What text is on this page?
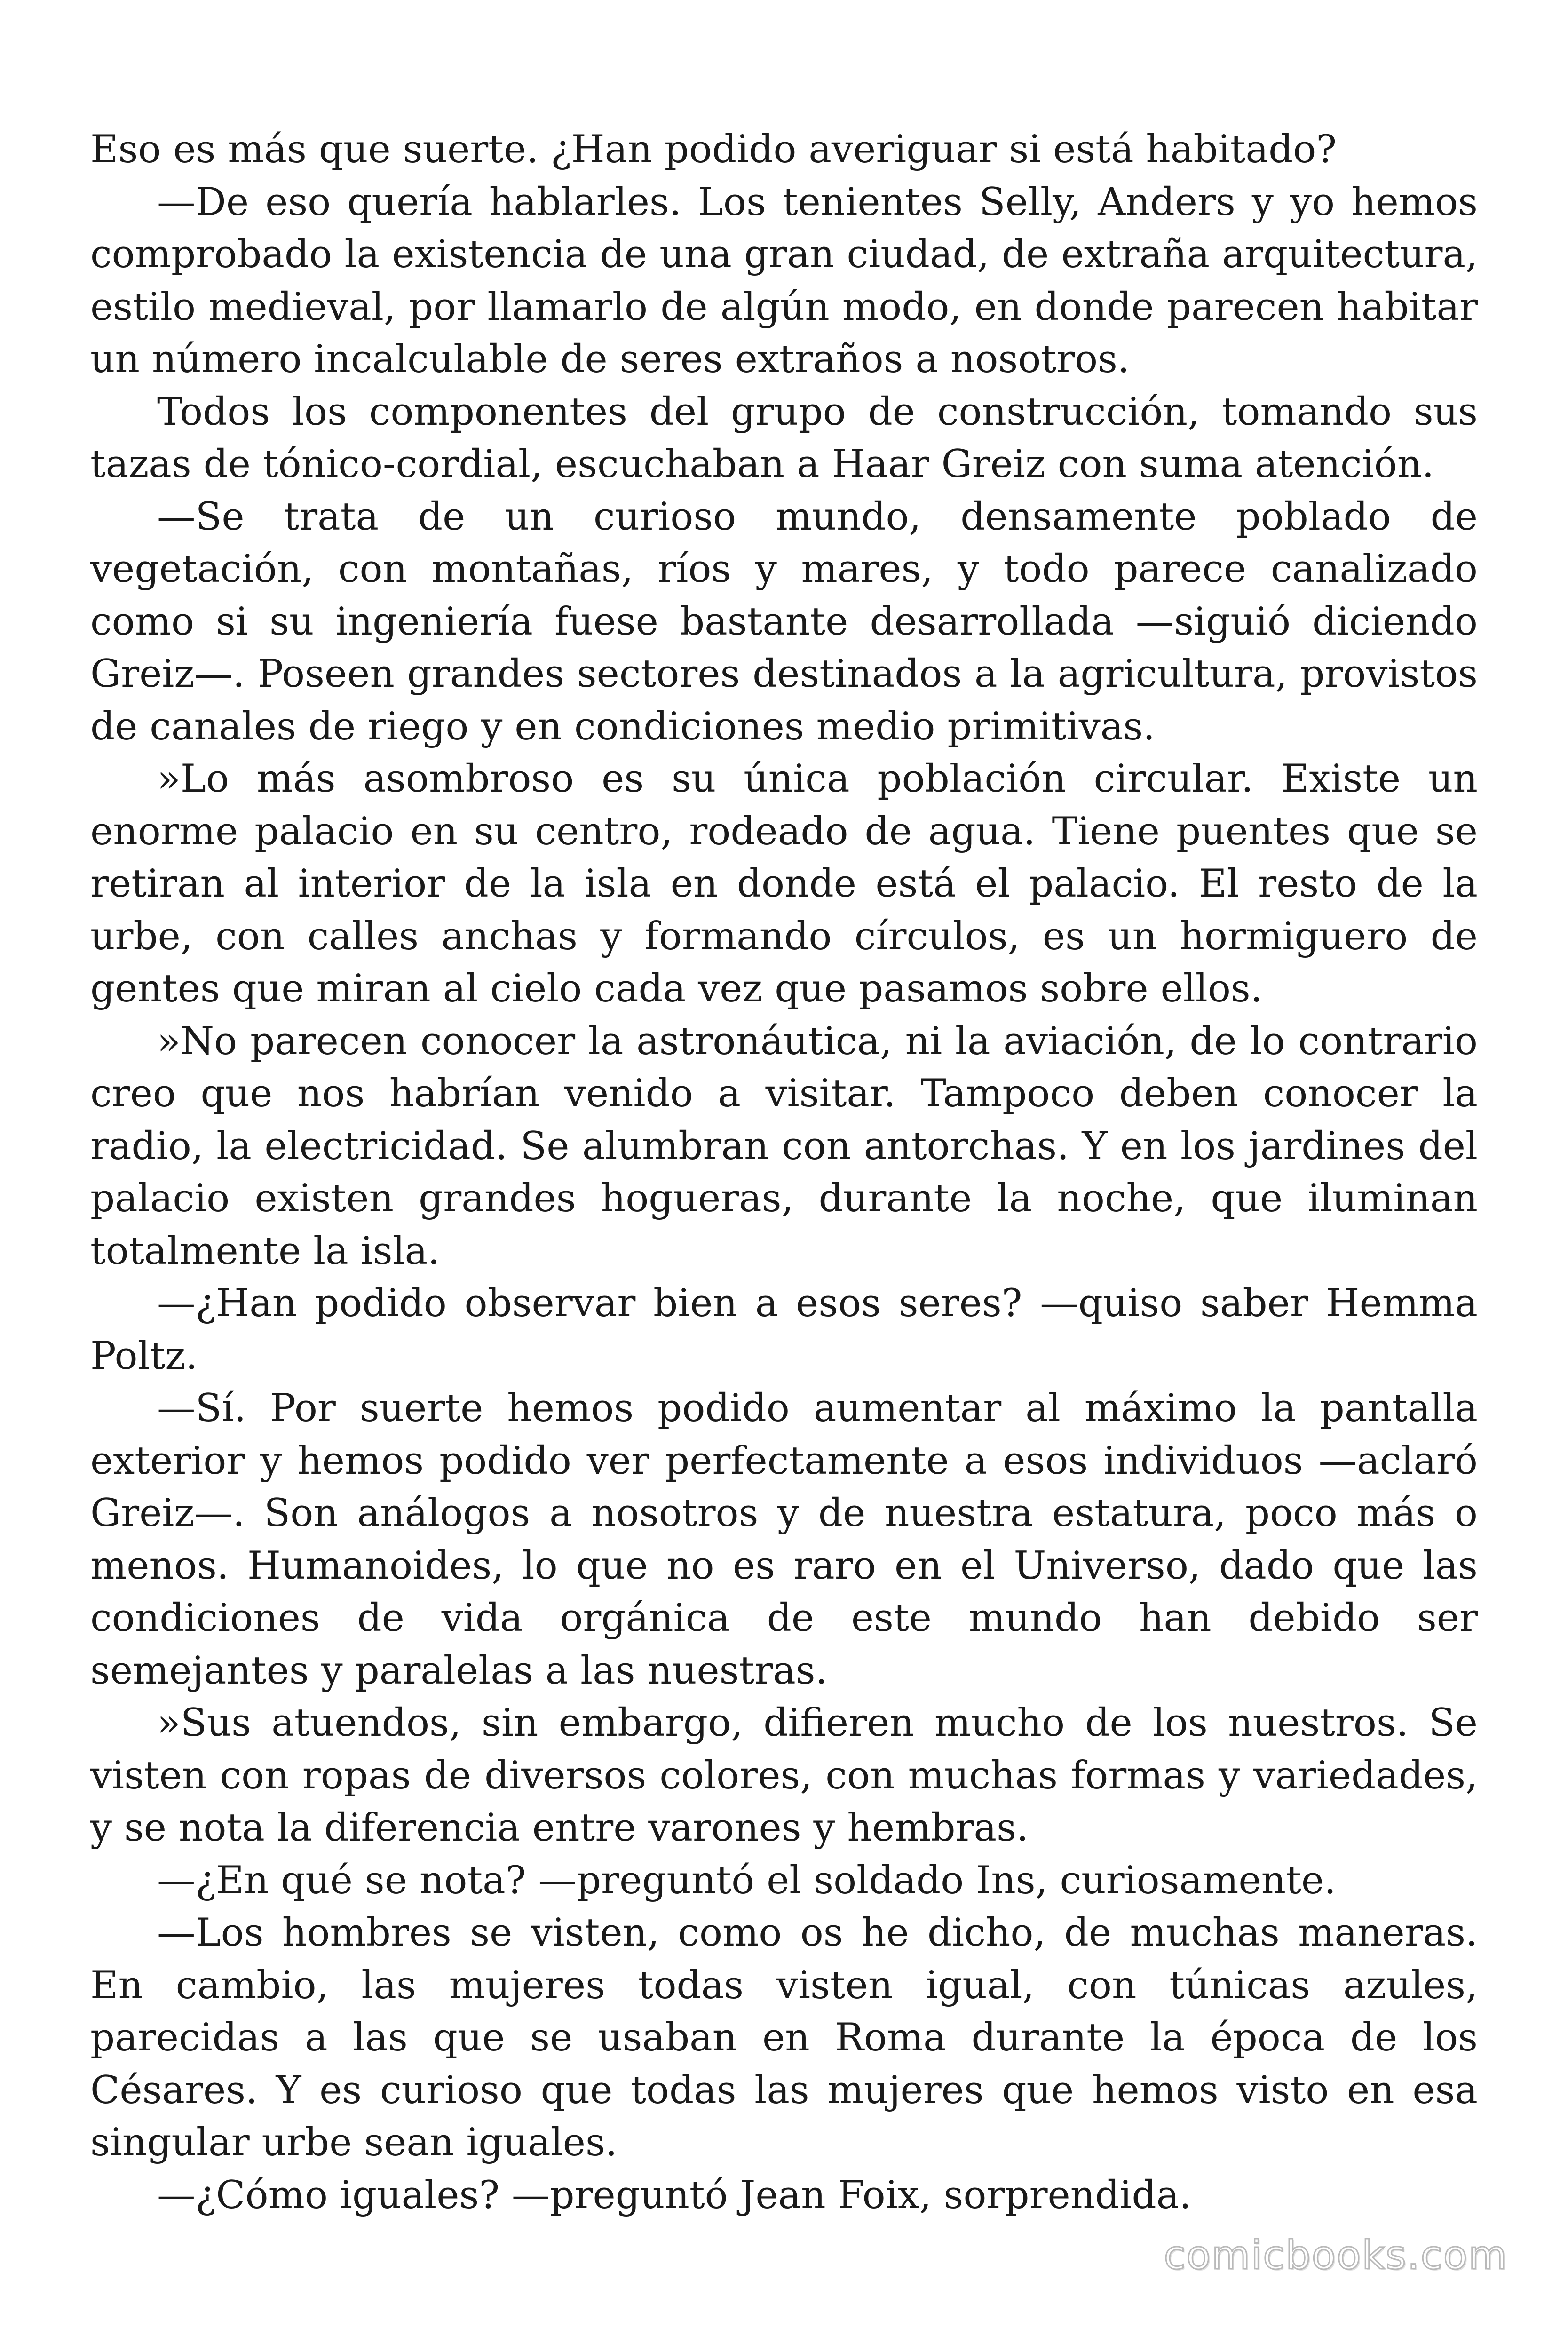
Eso es más que suerte. ¿Han podido averiguar si está habitado?

—De eso quería hablarles. Los tenientes Selly, Anders y yo hemos comprobado la existencia de una gran ciudad, de extraña arquitectura, estilo medieval, por llamarlo de algún modo, en donde parecen habitar un número incalculable de seres extraños a nosotros.

Todos los componentes del grupo de construcción, tomando sus tazas de tónico-cordial, escuchaban a Haar Greiz con suma atención.

—Se trata de un curioso mundo, densamente poblado de vegetación, con montañas, ríos y mares, y todo parece canalizado como si su ingeniería fuese bastante desarrollada —siguió diciendo Greiz—. Poseen grandes sectores destinados a la agricultura, provistos de canales de riego y en condiciones medio primitivas.

»Lo más asombroso es su única población circular. Existe un enorme palacio en su centro, rodeado de agua. Tiene puentes que se retiran al interior de la isla en donde está el palacio. El resto de la urbe, con calles anchas y formando círculos, es un hormiguero de gentes que miran al cielo cada vez que pasamos sobre ellos.

»No parecen conocer la astronáutica, ni la aviación, de lo contrario creo que nos habrían venido a visitar. Tampoco deben conocer la radio, la electricidad. Se alumbran con antorchas. Y en los jardines del palacio existen grandes hogueras, durante la noche, que iluminan totalmente la isla.

—¿Han podido observar bien a esos seres? —quiso saber Hemma Poltz.

—Sí. Por suerte hemos podido aumentar al máximo la pantalla exterior y hemos podido ver perfectamente a esos individuos —aclaró Greiz—. Son análogos a nosotros y de nuestra estatura, poco más o menos. Humanoides, lo que no es raro en el Universo, dado que las condiciones de vida orgánica de este mundo han debido ser semejantes y paralelas a las nuestras.

»Sus atuendos, sin embargo, difieren mucho de los nuestros. Se visten con ropas de diversos colores, con muchas formas y variedades, y se nota la diferencia entre varones y hembras.

—¿En qué se nota? —preguntó el soldado Ins, curiosamente.

—Los hombres se visten, como os he dicho, de muchas maneras. En cambio, las mujeres todas visten igual, con túnicas azules, parecidas a las que se usaban en Roma durante la época de los Césares. Y es curioso que todas las mujeres que hemos visto en esa singular urbe sean iguales.

—¿Cómo iguales? —preguntó Jean Foix, sorprendida.

comicbooks.com
